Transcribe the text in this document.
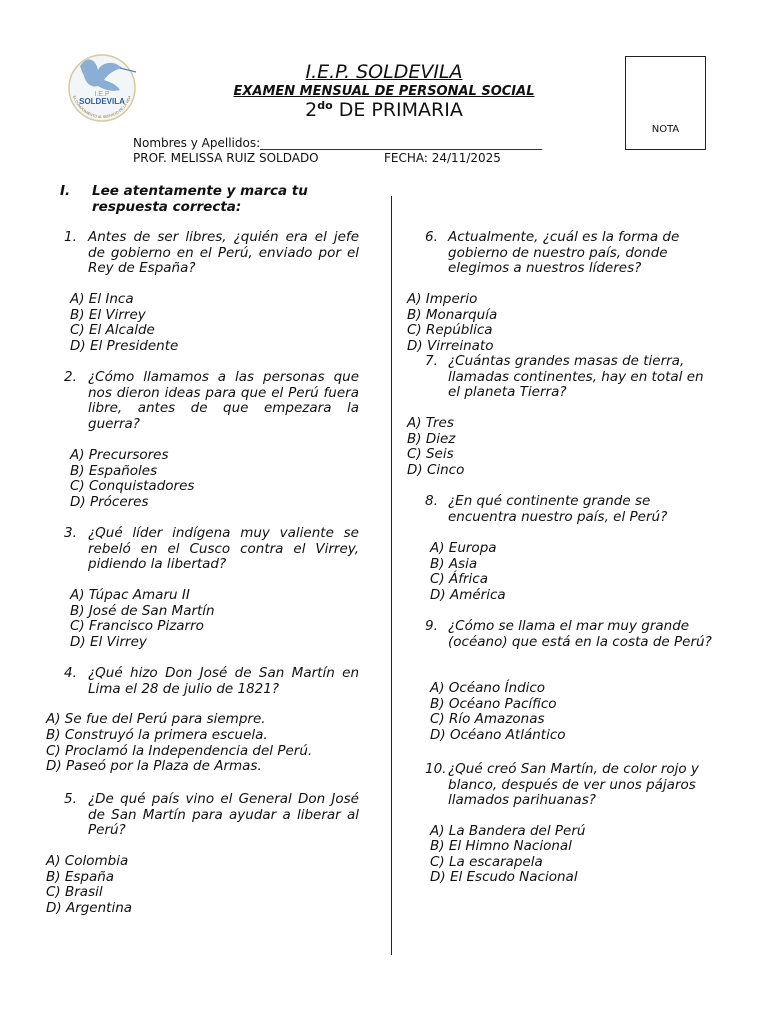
I.E.P
SOLDEVILA
EL CONOCIMIENTO AL SERVICIO DE LA VIDA
I.E.P. SOLDEVILA
EXAMEN MENSUAL DE PERSONAL SOCIAL
$2^{do}$ DE PRIMARIA
NOTA
Nombres y Apellidos:_______________________________________________
PROF. MELISSA RUIZ SOLDADO	FECHA: 24/11/2025
I. Lee atentamente y marca tu respuesta correcta:
1. Antes de ser libres, ¿quién era el jefe de gobierno en el Perú, enviado por el Rey de España?
A) El Inca
B) El Virrey
C) El Alcalde
D) El Presidente
2. ¿Cómo llamamos a las personas que nos dieron ideas para que el Perú fuera libre, antes de que empezara la guerra?
A) Precursores
B) Españoles
C) Conquistadores
D) Próceres
3. ¿Qué líder indígena muy valiente se rebeló en el Cusco contra el Virrey, pidiendo la libertad?
A) Túpac Amaru II
B) José de San Martín
C) Francisco Pizarro
D) El Virrey
4. ¿Qué hizo Don José de San Martín en Lima el 28 de julio de 1821?
A) Se fue del Perú para siempre.
B) Construyó la primera escuela.
C) Proclamó la Independencia del Perú.
D) Paseó por la Plaza de Armas.
5. ¿De qué país vino el General Don José de San Martín para ayudar a liberar al Perú?
A) Colombia
B) España
C) Brasil
D) Argentina
6. Actualmente, ¿cuál es la forma de gobierno de nuestro país, donde elegimos a nuestros líderes?
A) Imperio
B) Monarquía
C) República
D) Virreinato
7. ¿Cuántas grandes masas de tierra, llamadas continentes, hay en total en el planeta Tierra?
A) Tres
B) Diez
C) Seis
D) Cinco
8. ¿En qué continente grande se encuentra nuestro país, el Perú?
A) Europa
B) Asia
C) África
D) América
9. ¿Cómo se llama el mar muy grande (océano) que está en la costa de Perú?
A) Océano Índico
B) Océano Pacífico
C) Río Amazonas
D) Océano Atlántico
10. ¿Qué creó San Martín, de color rojo y blanco, después de ver unos pájaros llamados parihuanas?
A) La Bandera del Perú
B) El Himno Nacional
C) La escarapela
D) El Escudo Nacional
